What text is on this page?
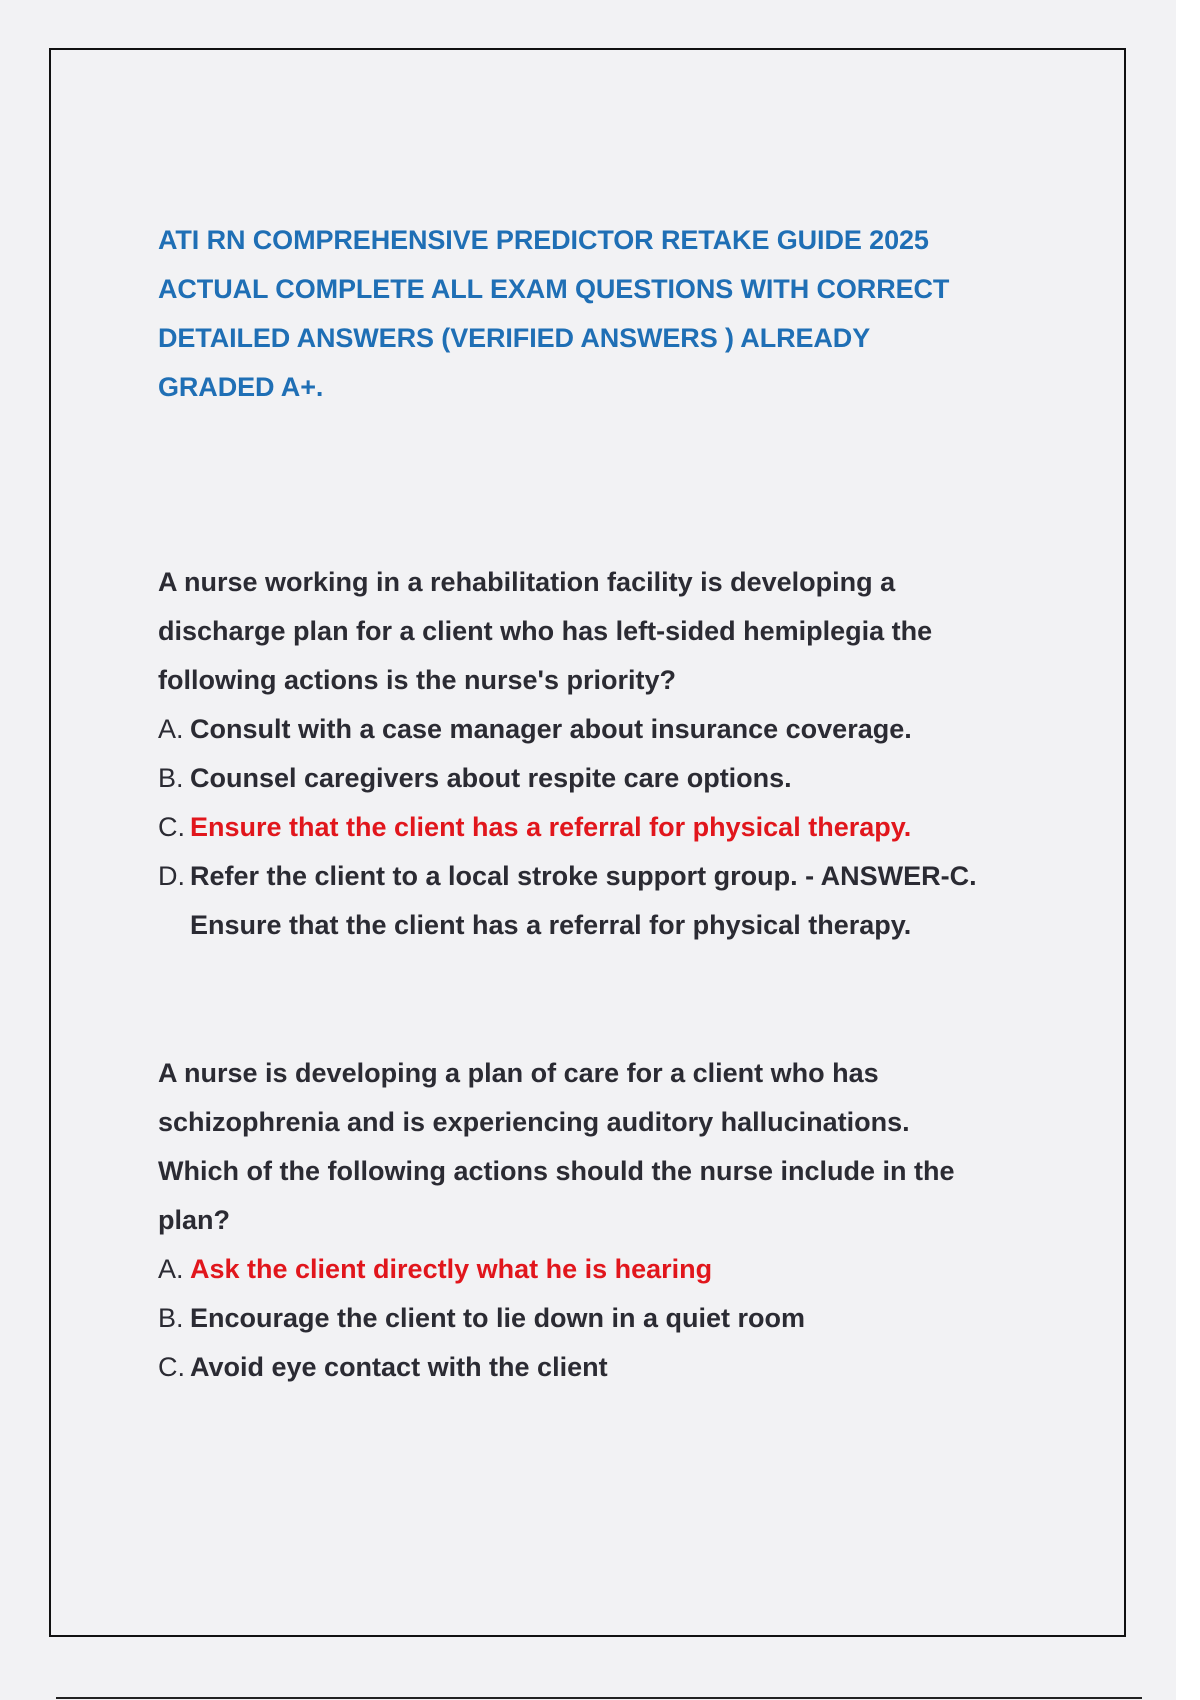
ATI RN COMPREHENSIVE PREDICTOR RETAKE GUIDE 2025

ACTUAL COMPLETE ALL EXAM QUESTIONS WITH CORRECT

DETAILED ANSWERS (VERIFIED ANSWERS ) ALREADY

GRADED A+.

A nurse working in a rehabilitation facility is developing a

discharge plan for a client who has left-sided hemiplegia the

following actions is the nurse's priority?

A. Consult with a case manager about insurance coverage.
B. Counsel caregivers about respite care options.
C. Ensure that the client has a referral for physical therapy.
D. Refer the client to a local stroke support group. - ANSWER-C. Ensure that the client has a referral for physical therapy.

A nurse is developing a plan of care for a client who has

schizophrenia and is experiencing auditory hallucinations.

Which of the following actions should the nurse include in the

plan?

A. Ask the client directly what he is hearing
B. Encourage the client to lie down in a quiet room
C. Avoid eye contact with the client
